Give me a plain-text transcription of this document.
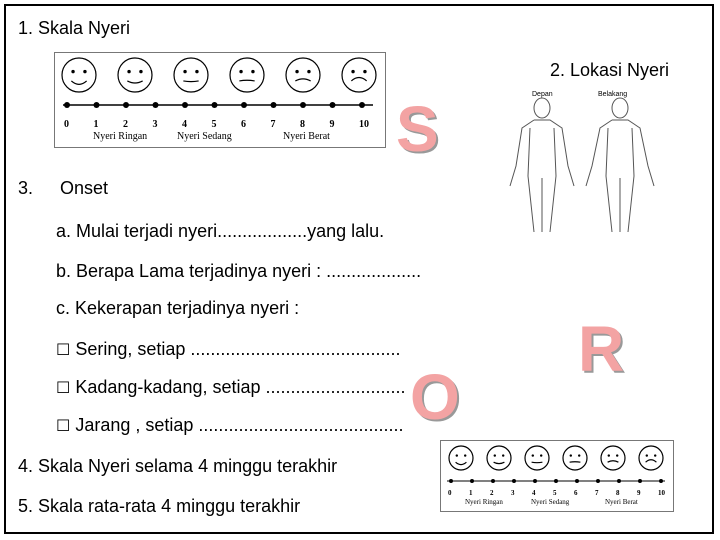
1. Skala Nyeri
2. Lokasi Nyeri
0 1 2 3 4 5 6 7 8 9 10
Nyeri Ringan	Nyeri Sedang	Nyeri Berat
Depan	Belakang
S
R
O
3. Onset
a. Mulai terjadi nyeri..................yang lalu.
b. Berapa Lama terjadinya nyeri : ...................
c. Kekerapan terjadinya nyeri :
☐ Sering, setiap ..........................................
☐ Kadang-kadang, setiap ............................
☐ Jarang , setiap .........................................
4. Skala Nyeri selama 4 minggu terakhir
5. Skala rata-rata 4 minggu terakhir
0	1	2	3	4	5	6	7	8	9	10
Nyeri Ringan	Nyeri Sedang	Nyeri Berat
